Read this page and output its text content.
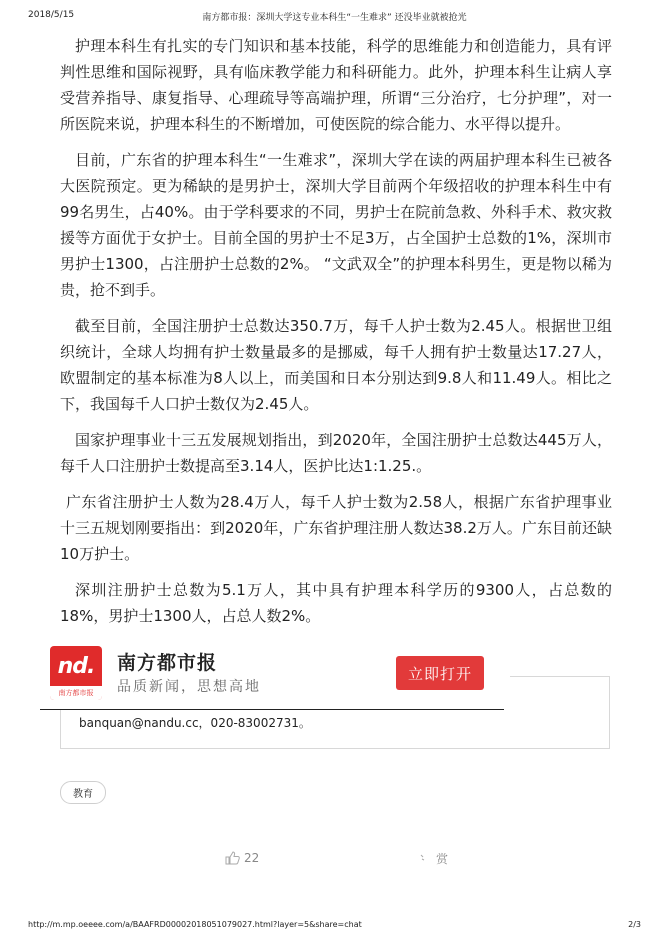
2018/5/15	南方都市报：深圳大学这专业本科生“一生难求” 还没毕业就被抢光

护理本科生有扎实的专门知识和基本技能，科学的思维能力和创造能力，具有评判性思维和国际视野，具有临床教学能力和科研能力。此外，护理本科生让病人享受营养指导、康复指导、心理疏导等高端护理，所谓“三分治疗，七分护理”，对一所医院来说，护理本科生的不断增加，可使医院的综合能力、水平得以提升。

目前，广东省的护理本科生“一生难求”，深圳大学在读的两届护理本科生已被各大医院预定。更为稀缺的是男护士，深圳大学目前两个年级招收的护理本科生中有99名男生，占40%。由于学科要求的不同，男护士在院前急救、外科手术、救灾救援等方面优于女护士。目前全国的男护士不足3万，占全国护士总数的1%，深圳市男护士1300，占注册护士总数的2%。 “文武双全”的护理本科男生，更是物以稀为贵，抢不到手。

截至目前，全国注册护士总数达350.7万，每千人护士数为2.45人。根据世卫组织统计，全球人均拥有护士数量最多的是挪威，每千人拥有护士数量达17.27人，欧盟制定的基本标准为8人以上，而美国和日本分别达到9.8人和11.49人。相比之下，我国每千人口护士数仅为2.45人。

国家护理事业十三五发展规划指出，到2020年，全国注册护士总数达445万人，每千人口注册护士数提高至3.14人，医护比达1:1.25.。

广东省注册护士人数为28.4万人，每千人护士数为2.58人，根据广东省护理事业十三五规划刚要指出：到2020年，广东省护理注册人数达38.2万人。广东目前还缺10万护士。

深圳注册护士总数为5.1万人，其中具有护理本科学历的9300人，占总数的18%，男护士1300人，占总人数2%。

banquan@nandu.cc，020-83002731。
nd.
南方都市报
南方都市报
品质新闻，思想高地
立即打开
教育
22	赏
http://m.mp.oeeee.com/a/BAAFRD00002018051079027.html?layer=5&share=chat	2/3
